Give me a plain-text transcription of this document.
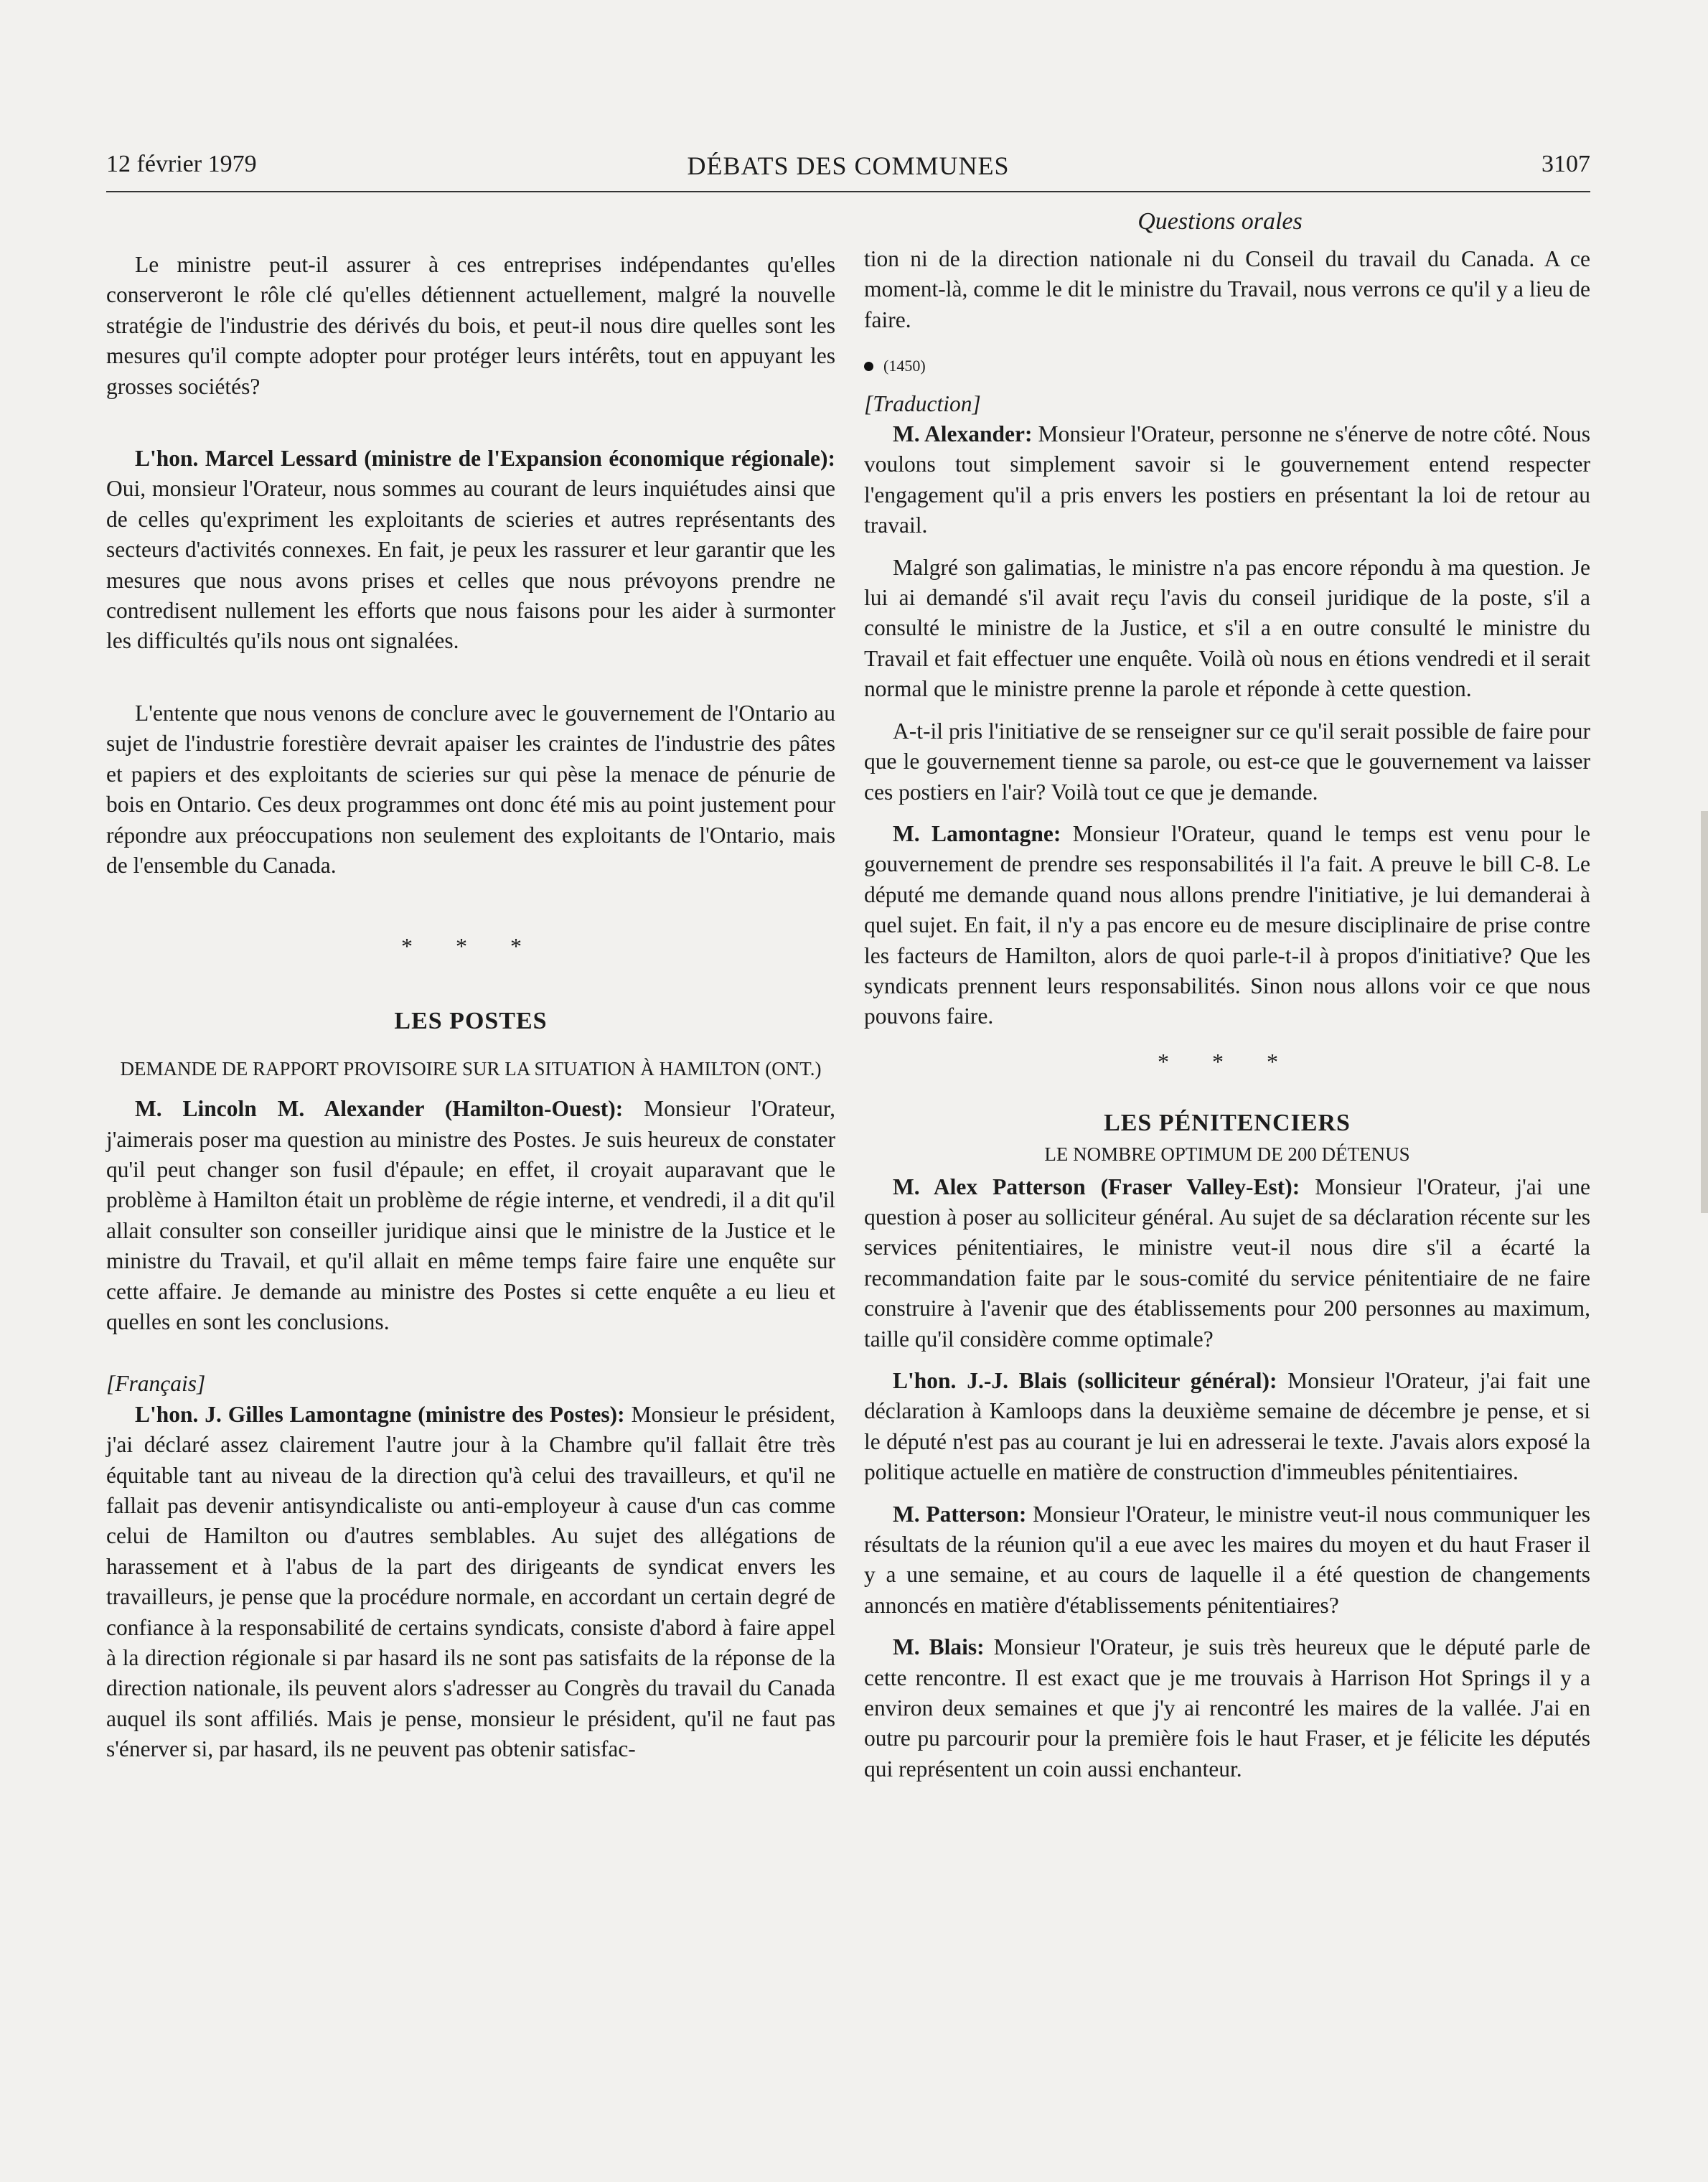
12 février 1979	DÉBATS DES COMMUNES	3107
Questions orales

Le ministre peut-il assurer à ces entreprises indépendantes qu'elles conserveront le rôle clé qu'elles détiennent actuellement, malgré la nouvelle stratégie de l'industrie des dérivés du bois, et peut-il nous dire quelles sont les mesures qu'il compte adopter pour protéger leurs intérêts, tout en appuyant les grosses sociétés?

L'hon. Marcel Lessard (ministre de l'Expansion économique régionale): Oui, monsieur l'Orateur, nous sommes au courant de leurs inquiétudes ainsi que de celles qu'expriment les exploitants de scieries et autres représentants des secteurs d'activités connexes. En fait, je peux les rassurer et leur garantir que les mesures que nous avons prises et celles que nous prévoyons prendre ne contredisent nullement les efforts que nous faisons pour les aider à surmonter les difficultés qu'ils nous ont signalées.

L'entente que nous venons de conclure avec le gouvernement de l'Ontario au sujet de l'industrie forestière devrait apaiser les craintes de l'industrie des pâtes et papiers et des exploitants de scieries sur qui pèse la menace de pénurie de bois en Ontario. Ces deux programmes ont donc été mis au point justement pour répondre aux préoccupations non seulement des exploitants de l'Ontario, mais de l'ensemble du Canada.

* * *
LES POSTES
DEMANDE DE RAPPORT PROVISOIRE SUR LA SITUATION À HAMILTON (ONT.)

M. Lincoln M. Alexander (Hamilton-Ouest): Monsieur l'Orateur, j'aimerais poser ma question au ministre des Postes. Je suis heureux de constater qu'il peut changer son fusil d'épaule; en effet, il croyait auparavant que le problème à Hamilton était un problème de régie interne, et vendredi, il a dit qu'il allait consulter son conseiller juridique ainsi que le ministre de la Justice et le ministre du Travail, et qu'il allait en même temps faire faire une enquête sur cette affaire. Je demande au ministre des Postes si cette enquête a eu lieu et quelles en sont les conclusions.

[Français]

L'hon. J. Gilles Lamontagne (ministre des Postes): Monsieur le président, j'ai déclaré assez clairement l'autre jour à la Chambre qu'il fallait être très équitable tant au niveau de la direction qu'à celui des travailleurs, et qu'il ne fallait pas devenir antisyndicaliste ou anti-employeur à cause d'un cas comme celui de Hamilton ou d'autres semblables. Au sujet des allégations de harassement et à l'abus de la part des dirigeants de syndicat envers les travailleurs, je pense que la procédure normale, en accordant un certain degré de confiance à la responsabilité de certains syndicats, consiste d'abord à faire appel à la direction régionale si par hasard ils ne sont pas satisfaits de la réponse de la direction nationale, ils peuvent alors s'adresser au Congrès du travail du Canada auquel ils sont affiliés. Mais je pense, monsieur le président, qu'il ne faut pas s'énerver si, par hasard, ils ne peuvent pas obtenir satisfac-

tion ni de la direction nationale ni du Conseil du travail du Canada. A ce moment-là, comme le dit le ministre du Travail, nous verrons ce qu'il y a lieu de faire.

(1450)
[Traduction]

M. Alexander: Monsieur l'Orateur, personne ne s'énerve de notre côté. Nous voulons tout simplement savoir si le gouvernement entend respecter l'engagement qu'il a pris envers les postiers en présentant la loi de retour au travail.

Malgré son galimatias, le ministre n'a pas encore répondu à ma question. Je lui ai demandé s'il avait reçu l'avis du conseil juridique de la poste, s'il a consulté le ministre de la Justice, et s'il a en outre consulté le ministre du Travail et fait effectuer une enquête. Voilà où nous en étions vendredi et il serait normal que le ministre prenne la parole et réponde à cette question.

A-t-il pris l'initiative de se renseigner sur ce qu'il serait possible de faire pour que le gouvernement tienne sa parole, ou est-ce que le gouvernement va laisser ces postiers en l'air? Voilà tout ce que je demande.

M. Lamontagne: Monsieur l'Orateur, quand le temps est venu pour le gouvernement de prendre ses responsabilités il l'a fait. A preuve le bill C-8. Le député me demande quand nous allons prendre l'initiative, je lui demanderai à quel sujet. En fait, il n'y a pas encore eu de mesure disciplinaire de prise contre les facteurs de Hamilton, alors de quoi parle-t-il à propos d'initiative? Que les syndicats prennent leurs responsabilités. Sinon nous allons voir ce que nous pouvons faire.

* * *
LES PÉNITENCIERS
LE NOMBRE OPTIMUM DE 200 DÉTENUS

M. Alex Patterson (Fraser Valley-Est): Monsieur l'Orateur, j'ai une question à poser au solliciteur général. Au sujet de sa déclaration récente sur les services pénitentiaires, le ministre veut-il nous dire s'il a écarté la recommandation faite par le sous-comité du service pénitentiaire de ne faire construire à l'avenir que des établissements pour 200 personnes au maximum, taille qu'il considère comme optimale?

L'hon. J.-J. Blais (solliciteur général): Monsieur l'Orateur, j'ai fait une déclaration à Kamloops dans la deuxième semaine de décembre je pense, et si le député n'est pas au courant je lui en adresserai le texte. J'avais alors exposé la politique actuelle en matière de construction d'immeubles pénitentiaires.

M. Patterson: Monsieur l'Orateur, le ministre veut-il nous communiquer les résultats de la réunion qu'il a eue avec les maires du moyen et du haut Fraser il y a une semaine, et au cours de laquelle il a été question de changements annoncés en matière d'établissements pénitentiaires?

M. Blais: Monsieur l'Orateur, je suis très heureux que le député parle de cette rencontre. Il est exact que je me trouvais à Harrison Hot Springs il y a environ deux semaines et que j'y ai rencontré les maires de la vallée. J'ai en outre pu parcourir pour la première fois le haut Fraser, et je félicite les députés qui représentent un coin aussi enchanteur.
